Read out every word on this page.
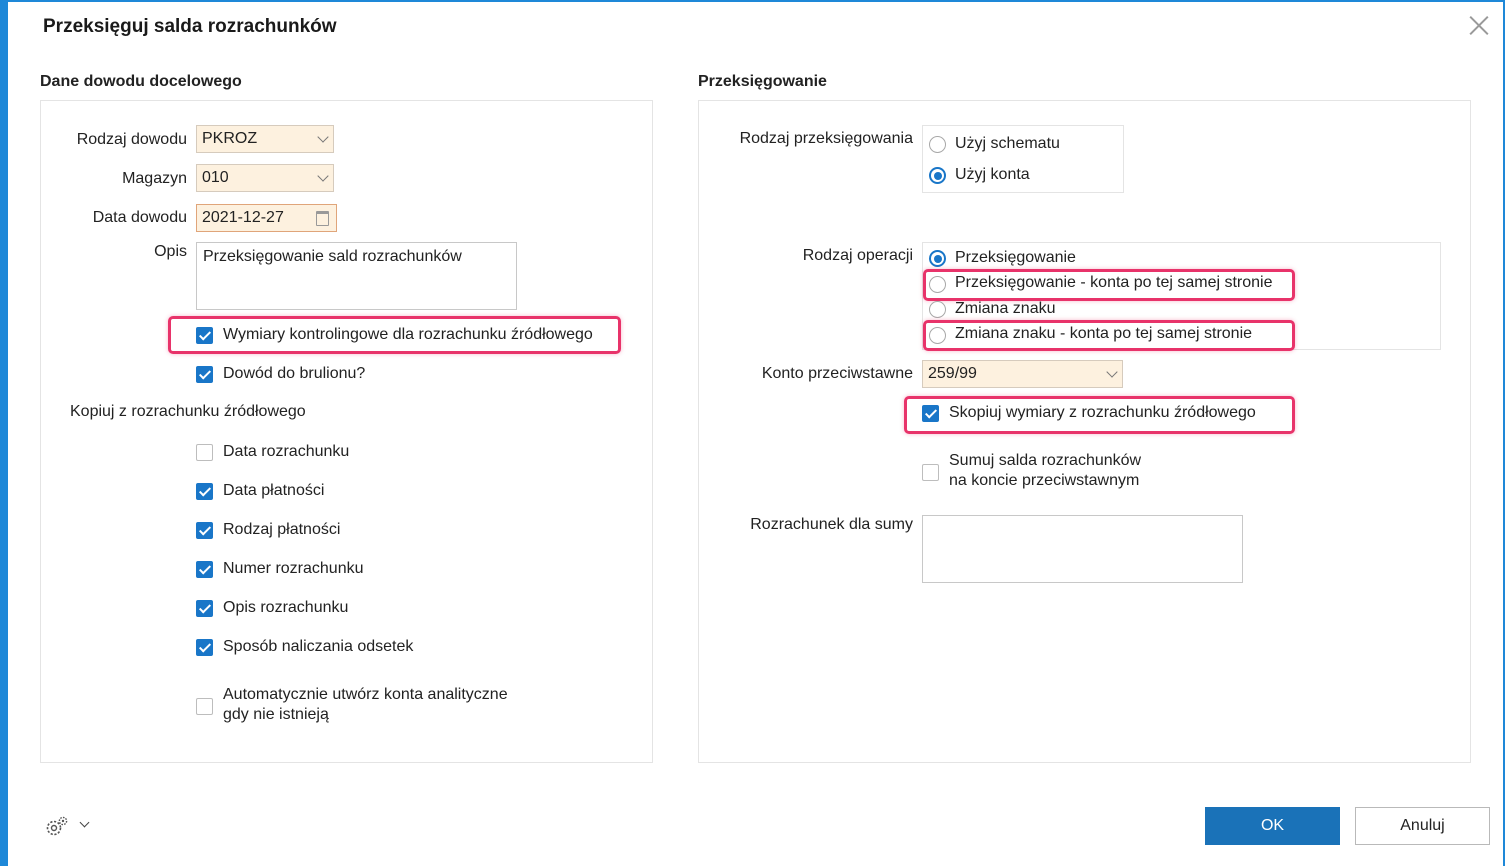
Przeksięguj salda rozrachunków
Dane dowodu docelowego
Rodzaj dowodu PKROZ
Magazyn 010
Data dowodu 2021-12-27
Opis	Przeksięgowanie sald rozrachunków
Wymiary kontrolingowe dla rozrachunku źródłowego
Dowód do brulionu?
Kopiuj z rozrachunku źródłowego
Data rozrachunku
Data płatności
Rodzaj płatności
Numer rozrachunku
Opis rozrachunku
Sposób naliczania odsetek
Automatycznie utwórz konta analityczne
gdy nie istnieją
Przeksięgowanie
Rodzaj przeksięgowania	Użyj schematu
Użyj konta
Rodzaj operacji	Przeksięgowanie
Przeksięgowanie - konta po tej samej stronie
Zmiana znaku
Zmiana znaku - konta po tej samej stronie
Konto przeciwstawne 259/99
Skopiuj wymiary z rozrachunku źródłowego
Sumuj salda rozrachunków
na koncie przeciwstawnym
Rozrachunek dla sumy
OK	Anuluj
